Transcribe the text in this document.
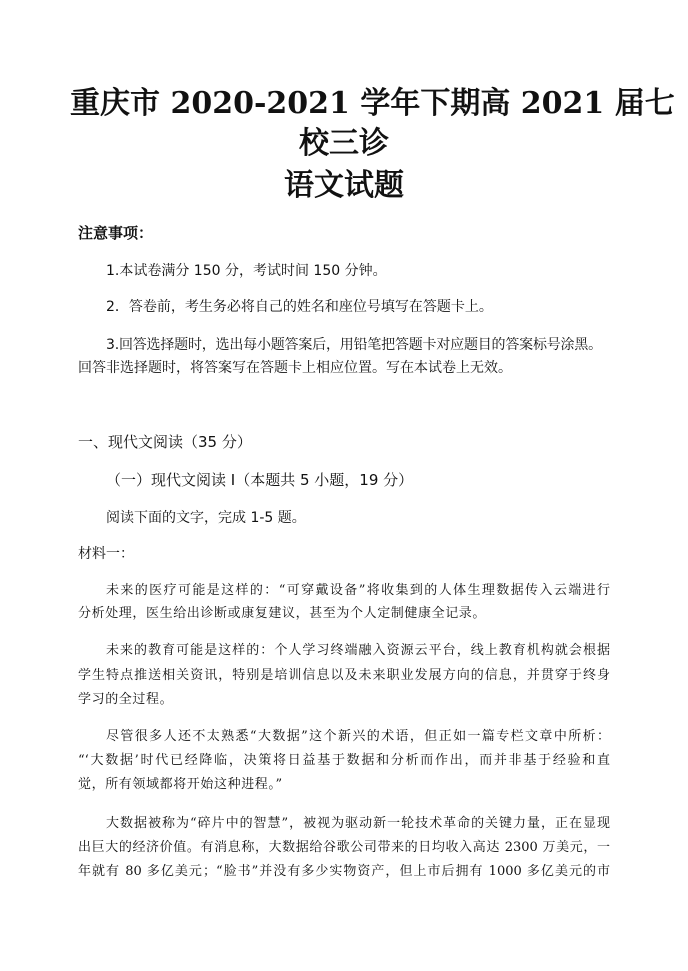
重庆市 2020-2021 学年下期高 2021 届七
校三诊
语文试题
注意事项：
1.本试卷满分 150 分，考试时间 150 分钟。
2．答卷前，考生务必将自己的姓名和座位号填写在答题卡上。
3.回答选择题时，选出每小题答案后，用铅笔把答题卡对应题目的答案标号涂黑。
回答非选择题时，将答案写在答题卡上相应位置。写在本试卷上无效。
一、现代文阅读（35 分）
（一）现代文阅读 I（本题共 5 小题，19 分）
阅读下面的文字，完成 1-5 题。
材料一：
未来的医疗可能是这样的：“可穿戴设备”将收集到的人体生理数据传入云端进行
分析处理，医生给出诊断或康复建议，甚至为个人定制健康全记录。
未来的教育可能是这样的：个人学习终端融入资源云平台，线上教育机构就会根据
学生特点推送相关资讯，特别是培训信息以及未来职业发展方向的信息，并贯穿于终身
学习的全过程。
尽管很多人还不太熟悉“大数据”这个新兴的术语，但正如一篇专栏文章中所析：
“‘大数据’时代已经降临，决策将日益基于数据和分析而作出，而并非基于经验和直
觉，所有领域都将开始这种进程。”
大数据被称为“碎片中的智慧”，被视为驱动新一轮技术革命的关键力量，正在显现
出巨大的经济价值。有消息称，大数据给谷歌公司带来的日均收入高达 2300 万美元，一
年就有 80 多亿美元；“脸书”并没有多少实物资产，但上市后拥有 1000 多亿美元的市
